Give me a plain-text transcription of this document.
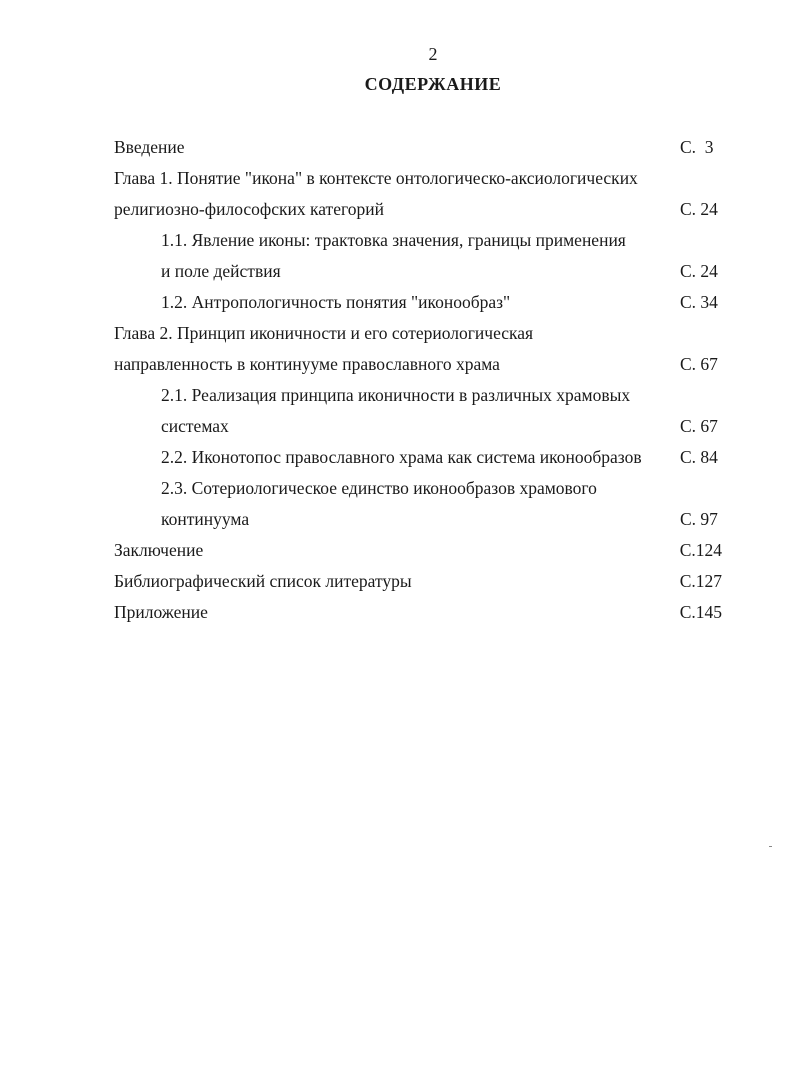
2
СОДЕРЖАНИЕ
Введение	С.  3
Глава 1. Понятие "икона" в контексте онтологическо-аксиологических
религиозно-философских категорий	С. 24
1.1. Явление иконы: трактовка значения, границы применения
и поле действия	С. 24
1.2. Антропологичность понятия "иконообраз"	С. 34
Глава 2. Принцип иконичности и его сотериологическая
направленность в континууме православного храма	С. 67
2.1. Реализация принципа иконичности в различных храмовых
системах	С. 67
2.2. Иконотопос православного храма как система иконообразов С. 84
2.3. Сотериологическое единство иконообразов храмового
континуума	С. 97
Заключение	С.124
Библиографический список литературы	С.127
Приложение	С.145
